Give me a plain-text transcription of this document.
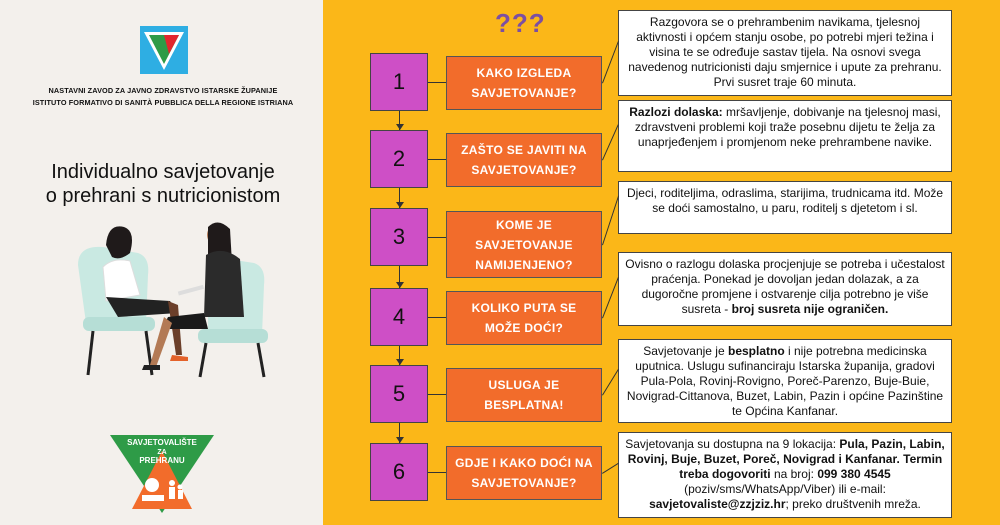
NASTAVNI ZAVOD ZA JAVNO ZDRAVSTVO ISTARSKE ŽUPANIJE
ISTITUTO FORMATIVO DI SANITÀ PUBBLICA DELLA REGIONE ISTRIANA
Individualno savjetovanje
o prehrani s nutricionistom
SAVJETOVALIŠTE
ZA
PREHRANU
???
1	KAKO IZGLEDA SAVJETOVANJE?
Razgovora se o prehrambenim navikama, tjelesnoj aktivnosti i općem stanju osobe, po potrebi mjeri težina i visina te se određuje sastav tijela. Na osnovi svega navedenog nutricionisti daju smjernice i upute za prehranu. Prvi susret traje 60 minuta.
2	ZAŠTO SE JAVITI NA SAVJETOVANJE?
Razlozi dolaska: mršavljenje, dobivanje na tjelesnoj masi, zdravstveni problemi koji traže posebnu dijetu te želja za unaprjeđenjem i promjenom neke prehrambene navike.
3	KOME JE SAVJETOVANJE NAMIJENJENO?
Djeci, roditeljima, odraslima, starijima, trudnicama itd. Može se doći samostalno, u paru, roditelj s djetetom i sl.
4	KOLIKO PUTA SE MOŽE DOĆI?
Ovisno o razlogu dolaska procjenjuje se potreba i učestalost praćenja. Ponekad je dovoljan jedan dolazak, a za dugoročne promjene i ostvarenje cilja potrebno je više susreta - broj susreta nije ograničen.
5	USLUGA JE BESPLATNA!
Savjetovanje je besplatno i nije potrebna medicinska uputnica. Uslugu sufinanciraju Istarska županija, gradovi Pula-Pola, Rovinj-Rovigno, Poreč-Parenzo, Buje-Buie, Novigrad-Cittanova, Buzet, Labin, Pazin i općine Pazinštine te Općina Kanfanar.
6	GDJE I KAKO DOĆI NA SAVJETOVANJE?
Savjetovanja su dostupna na 9 lokacija: Pula, Pazin, Labin, Rovinj, Buje, Buzet, Poreč, Novigrad i Kanfanar. Termin treba dogovoriti na broj: 099 380 4545 (poziv/sms/WhatsApp/Viber) ili e-mail: savjetovaliste@zzjziz.hr; preko društvenih mreža.
